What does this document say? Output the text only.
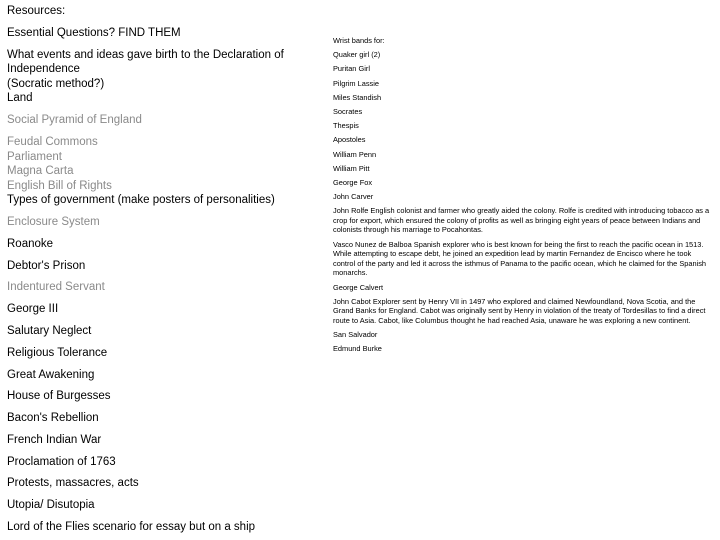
Resources:

Essential Questions? FIND THEM

What events and ideas gave birth to the Declaration of

Independence

(Socratic method?)

Land

Social Pyramid of England

Feudal Commons

Parliament

Magna Carta

English Bill of Rights

Types of government (make posters of personalities)

Enclosure System

Roanoke

Debtor's Prison

Indentured Servant

George III

Salutary Neglect

Religious Tolerance

Great Awakening

House of Burgesses

Bacon's Rebellion

French Indian War

Proclamation of 1763

Protests, massacres, acts

Utopia/ Disutopia

Lord of the Flies scenario for essay but on a ship

Wrist bands for:

Quaker girl (2)

Puritan Girl

Pilgrim Lassie

Miles Standish

Socrates

Thespis

Apostoles

William Penn

William Pitt

George Fox

John Carver

John Rolfe English colonist and farmer who greatly aided the colony. Rolfe is credited with introducing tobacco as a crop for export, which ensured the colony of profits as well as bringing eight years of peace between Indians and colonists through his marriage to Pocahontas.

Vasco Nunez de Balboa Spanish explorer who is best known for being the first to reach the pacific ocean in 1513. While attempting to escape debt, he joined an expedition lead by martin Fernandez de Encisco where he took control of the party and led it across the isthmus of Panama to the pacific ocean, which he claimed for the Spanish monarchs.

George Calvert

John Cabot Explorer sent by Henry VII in 1497 who explored and claimed Newfoundland, Nova Scotia, and the Grand Banks for England. Cabot was originally sent by Henry in violation of the treaty of Tordesillas to find a direct route to Asia. Cabot, like Columbus thought he had reached Asia, unaware he was exploring a new continent.

San Salvador

Edmund Burke
